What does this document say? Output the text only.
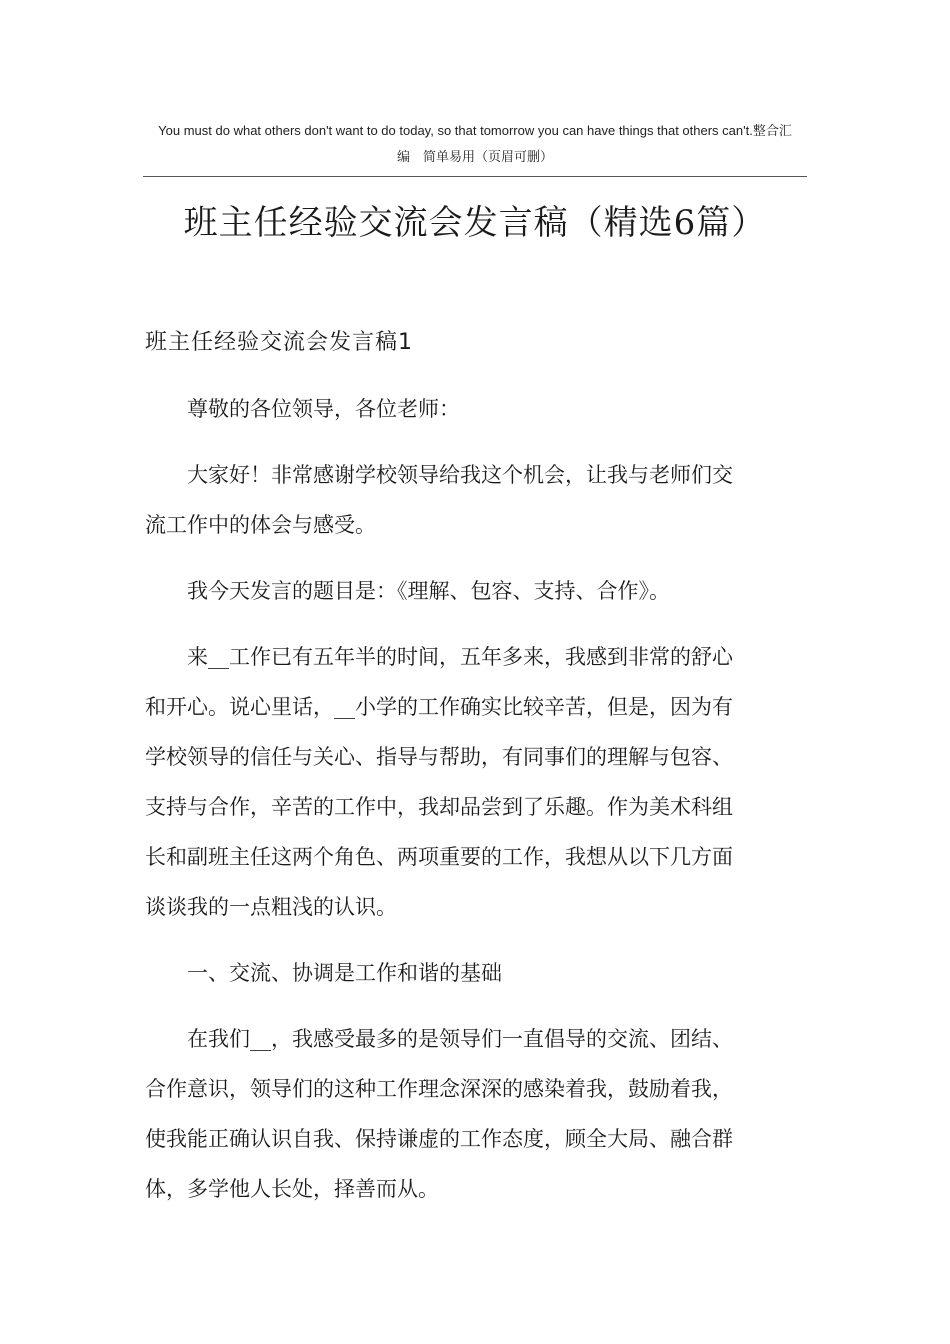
You must do what others don't want to do today, so that tomorrow you can have things that others can't.整合汇
编　简单易用（页眉可删）
班主任经验交流会发言稿（精选6篇）
班主任经验交流会发言稿1
尊敬的各位领导，各位老师：
大家好！非常感谢学校领导给我这个机会，让我与老师们交
流工作中的体会与感受。
我今天发言的题目是：《理解、包容、支持、合作》。
来__工作已有五年半的时间，五年多来，我感到非常的舒心
和开心。说心里话，__小学的工作确实比较辛苦，但是，因为有
学校领导的信任与关心、指导与帮助，有同事们的理解与包容、
支持与合作，辛苦的工作中，我却品尝到了乐趣。作为美术科组
长和副班主任这两个角色、两项重要的工作，我想从以下几方面
谈谈我的一点粗浅的认识。
一、交流、协调是工作和谐的基础
在我们__，我感受最多的是领导们一直倡导的交流、团结、
合作意识，领导们的这种工作理念深深的感染着我，鼓励着我，
使我能正确认识自我、保持谦虚的工作态度，顾全大局、融合群
体，多学他人长处，择善而从。
